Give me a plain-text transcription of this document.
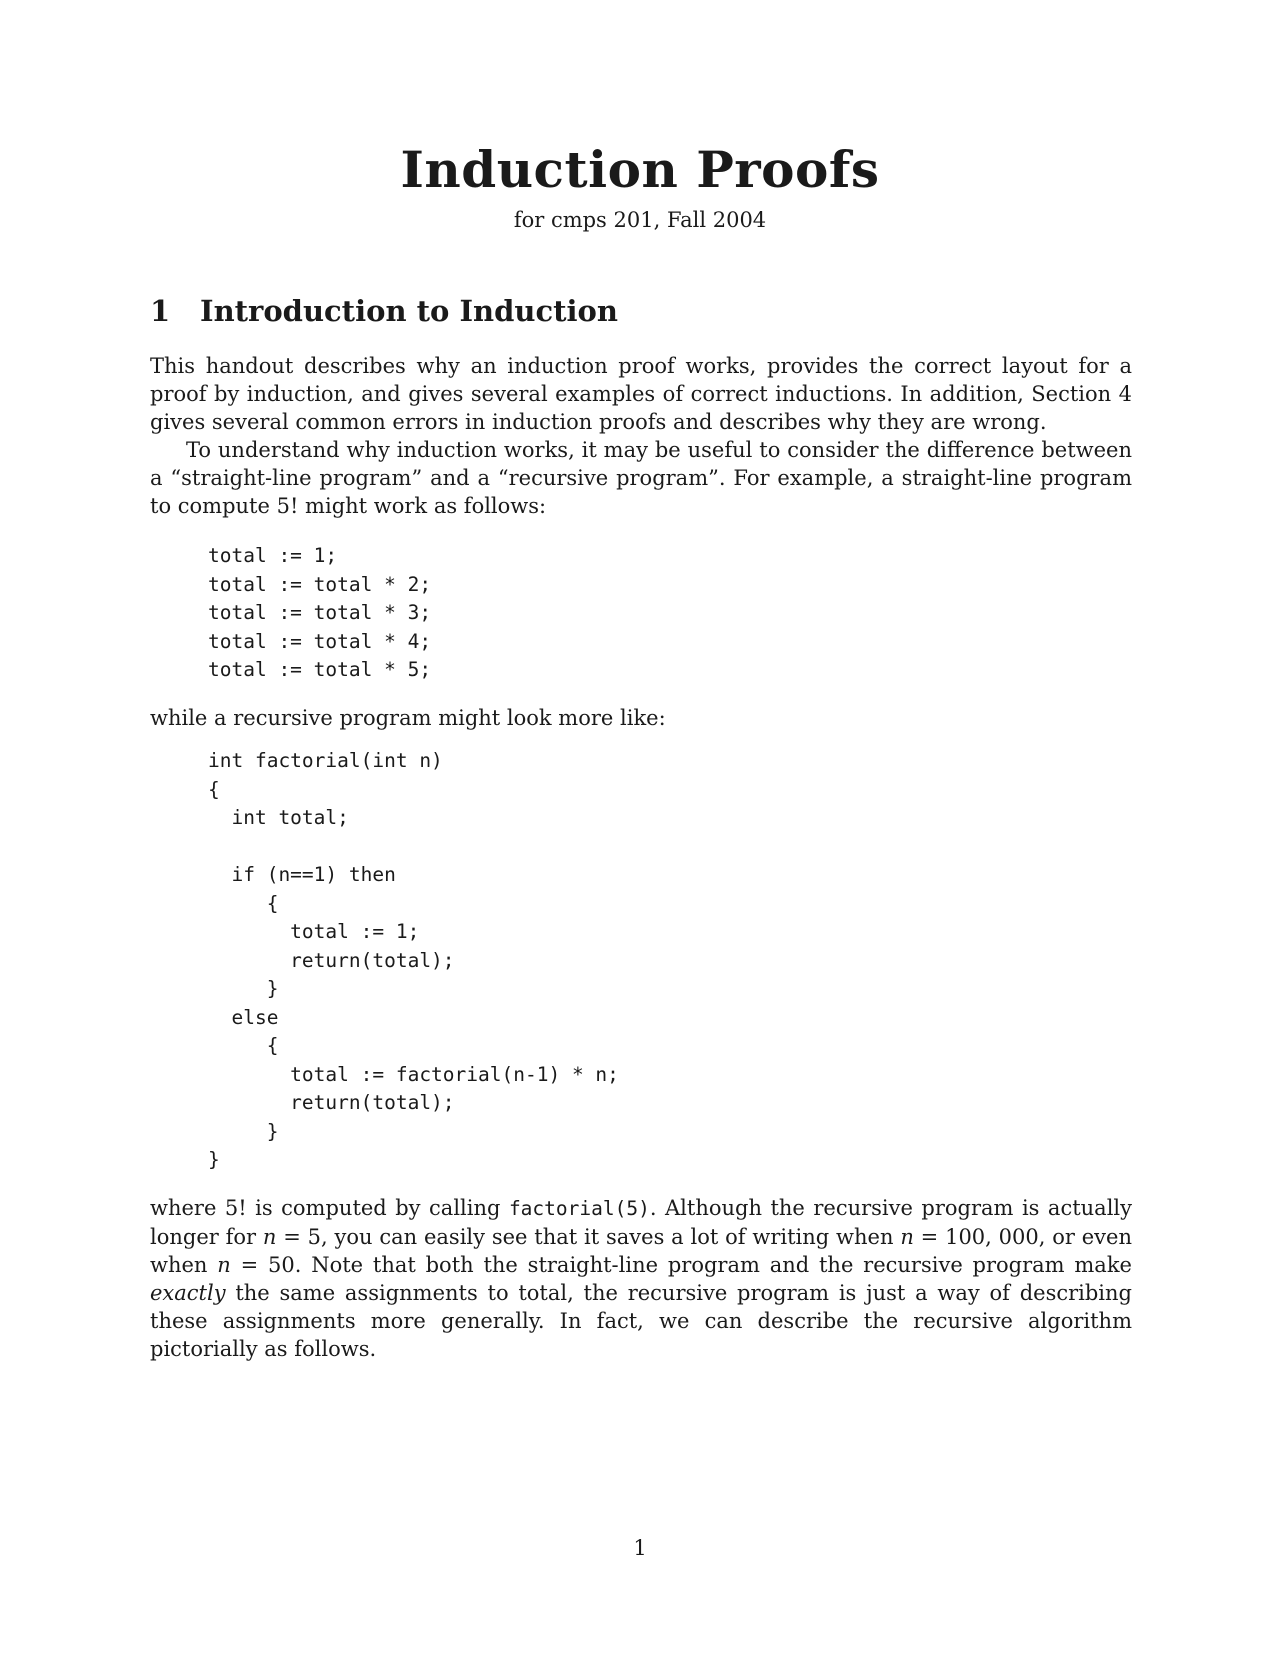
Induction Proofs
for cmps 201, Fall 2004
1 Introduction to Induction

This handout describes why an induction proof works, provides the correct layout for a proof by induction, and gives several examples of correct inductions. In addition, Section 4 gives several common errors in induction proofs and describes why they are wrong.

To understand why induction works, it may be useful to consider the difference between a “straight-line program” and a “recursive program”. For example, a straight-line program to compute 5! might work as follows:

total := 1;
total := total * 2;
total := total * 3;
total := total * 4;
total := total * 5;

while a recursive program might look more like:

int factorial(int n)
{
int total;

if (n==1) then
{
total := 1;
return(total);
}
else
{
total := factorial(n-1) * n;
return(total);
}
}

where 5! is computed by calling factorial(5). Although the recursive program is actually longer for n = 5, you can easily see that it saves a lot of writing when n = 100, 000, or even when n = 50. Note that both the straight-line program and the recursive program make exactly the same assignments to total, the recursive program is just a way of describing these assignments more generally. In fact, we can describe the recursive algorithm pictorially as follows.

1
